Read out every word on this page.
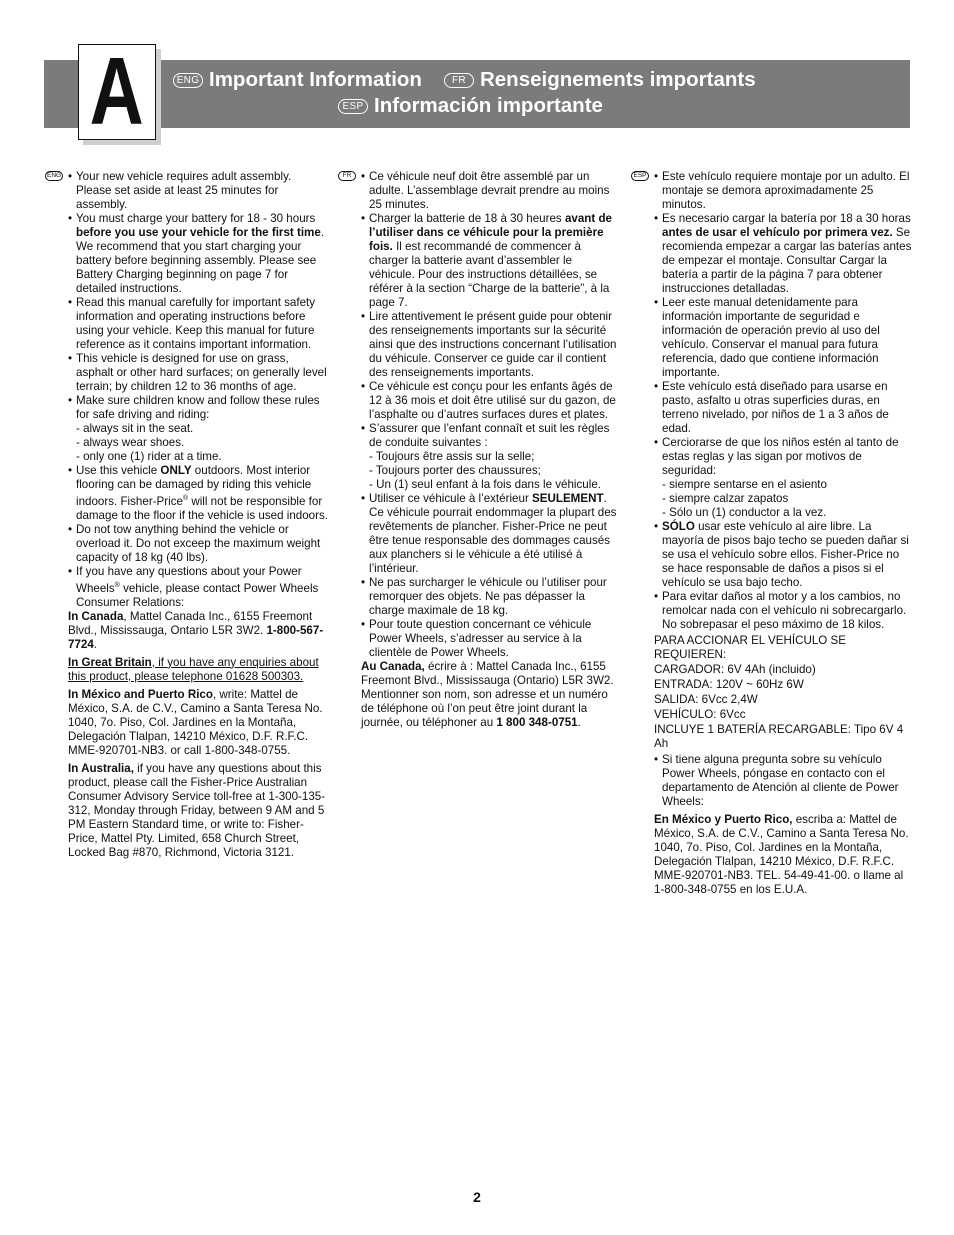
A	ENG Important Information	FR Renseignements importants
ESP Información importante
ENG	• Your new vehicle requires adult assembly. Please set aside at least 25 minutes for assembly.
• You must charge your battery for 18 - 30 hours before you use your vehicle for the first time. We recommend that you start charging your battery before beginning assembly. Please see Battery Charging beginning on page 7 for detailed instructions.
• Read this manual carefully for important safety information and operating instructions before using your vehicle. Keep this manual for future reference as it contains important information.
• This vehicle is designed for use on grass, asphalt or other hard surfaces; on generally level terrain; by children 12 to 36 months of age.
• Make sure children know and follow these rules for safe driving and riding:
- always sit in the seat.
- always wear shoes.
- only one (1) rider at a time.
• Use this vehicle ONLY outdoors. Most interior flooring can be damaged by riding this vehicle indoors. Fisher-Price® will not be responsible for damage to the floor if the vehicle is used indoors.
• Do not tow anything behind the vehicle or overload it. Do not exceep the maximum weight capacity of 18 kg (40 lbs).
• If you have any questions about your Power Wheels® vehicle, please contact Power Wheels Consumer Relations:

In Canada, Mattel Canada Inc., 6155 Freemont Blvd., Mississauga, Ontario L5R 3W2. 1-800-567-7724.

In Great Britain, if you have any enquiries about this product, please telephone 01628 500303.

In México and Puerto Rico, write: Mattel de México, S.A. de C.V., Camino a Santa Teresa No. 1040, 7o. Piso, Col. Jardines en la Montaña, Delegación Tlalpan, 14210 México, D.F. R.F.C. MME-920701-NB3. or call 1-800-348-0755.

In Australia, if you have any questions about this product, please call the Fisher-Price Australian Consumer Advisory Service toll-free at 1-300-135-312, Monday through Friday, between 9 AM and 5 PM Eastern Standard time, or write to: Fisher-Price, Mattel Pty. Limited, 658 Church Street, Locked Bag #870, Richmond, Victoria 3121.

FR	• Ce véhicule neuf doit être assemblé par un adulte. L’assemblage devrait prendre au moins 25 minutes.
• Charger la batterie de 18 à 30 heures avant de l’utiliser dans ce véhicule pour la première fois. Il est recommandé de commencer à charger la batterie avant d’assembler le véhicule. Pour des instructions détaillées, se référer à la section “Charge de la batterie”, à la page 7.
• Lire attentivement le présent guide pour obtenir des renseignements importants sur la sécurité ainsi que des instructions concernant l’utilisation du véhicule. Conserver ce guide car il contient des renseignements importants.
• Ce véhicule est conçu pour les enfants âgés de 12 à 36 mois et doit être utilisé sur du gazon, de l’asphalte ou d’autres surfaces dures et plates.
• S’assurer que l’enfant connaît et suit les règles de conduite suivantes :
- Toujours être assis sur la selle;
- Toujours porter des chaussures;
- Un (1) seul enfant à la fois dans le véhicule.
• Utiliser ce véhicule à l’extérieur SEULEMENT. Ce véhicule pourrait endommager la plupart des revêtements de plancher. Fisher-Price ne peut être tenue responsable des dommages causés aux planchers si le véhicule a été utilisé à l’intérieur.
• Ne pas surcharger le véhicule ou l’utiliser pour remorquer des objets. Ne pas dépasser la charge maximale de 18 kg.
• Pour toute question concernant ce véhicule Power Wheels, s’adresser au service à la clientèle de Power Wheels.

Au Canada, écrire à : Mattel Canada Inc., 6155 Freemont Blvd., Mississauga (Ontario) L5R 3W2. Mentionner son nom, son adresse et un numéro de téléphone où l’on peut être joint durant la journée, ou téléphoner au 1 800 348-0751.

ESP	• Este vehículo requiere montaje por un adulto. El montaje se demora aproximadamente 25 minutos.
• Es necesario cargar la batería por 18 a 30 horas antes de usar el vehículo por primera vez. Se recomienda empezar a cargar las baterías antes de empezar el montaje. Consultar Cargar la batería a partir de la página 7 para obtener instrucciones detalladas.
• Leer este manual detenidamente para información importante de seguridad e información de operación previo al uso del vehículo. Conservar el manual para futura referencia, dado que contiene información importante.
• Este vehículo está diseñado para usarse en pasto, asfalto u otras superficies duras, en terreno nivelado, por niños de 1 a 3 años de edad.
• Cerciorarse de que los niños estén al tanto de estas reglas y las sigan por motivos de seguridad:
- siempre sentarse en el asiento
- siempre calzar zapatos
- Sólo un (1) conductor a la vez.
• SÓLO usar este vehículo al aire libre. La mayoría de pisos bajo techo se pueden dañar si se usa el vehículo sobre ellos. Fisher-Price no se hace responsable de daños a pisos si el vehículo se usa bajo techo.
• Para evitar daños al motor y a los cambios, no remolcar nada con el vehículo ni sobrecargarlo. No sobrepasar el peso máximo de 18 kilos.

PARA ACCIONAR EL VEHÍCULO SE REQUIEREN:

CARGADOR: 6V 4Ah (incluido)

ENTRADA: 120V ~ 60Hz 6W

SALIDA: 6Vcc 2,4W

VEHÍCULO: 6Vcc

INCLUYE 1 BATERÍA RECARGABLE: Tipo 6V 4 Ah

• Si tiene alguna pregunta sobre su vehículo Power Wheels, póngase en contacto con el departamento de Atención al cliente de Power Wheels:

En México y Puerto Rico, escriba a: Mattel de México, S.A. de C.V., Camino a Santa Teresa No. 1040, 7o. Piso, Col. Jardines en la Montaña, Delegación Tlalpan, 14210 México, D.F. R.F.C. MME-920701-NB3. TEL. 54-49-41-00. o llame al 1-800-348-0755 en los E.U.A.

2
